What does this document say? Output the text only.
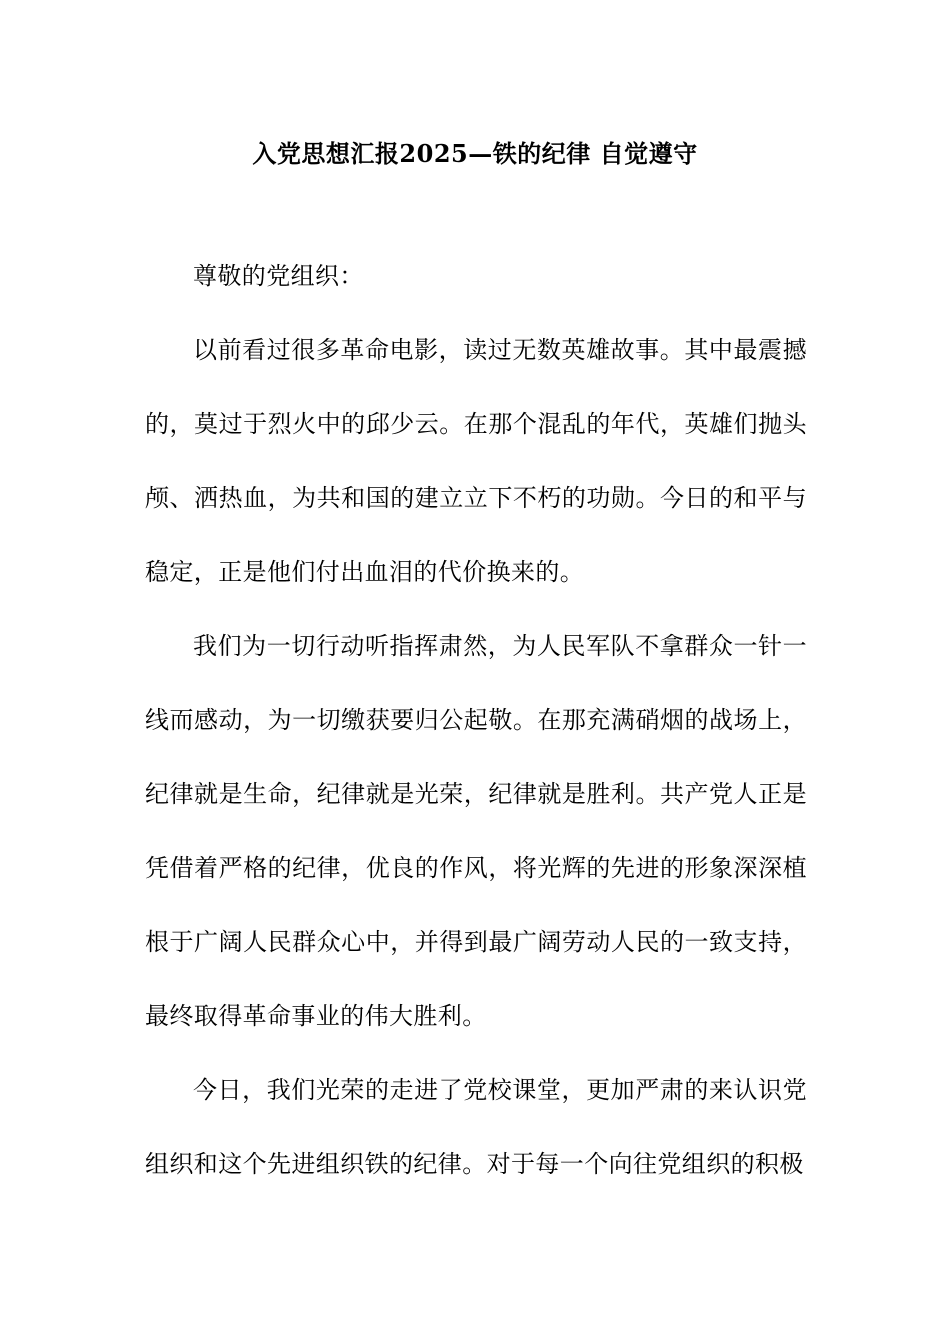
入党思想汇报2025—铁的纪律 自觉遵守

尊敬的党组织：

以前看过很多革命电影，读过无数英雄故事。其中最震撼的，莫过于烈火中的邱少云。在那个混乱的年代，英雄们抛头颅、洒热血，为共和国的建立立下不朽的功勋。今日的和平与稳定，正是他们付出血泪的代价换来的。

我们为一切行动听指挥肃然，为人民军队不拿群众一针一线而感动，为一切缴获要归公起敬。在那充满硝烟的战场上，纪律就是生命，纪律就是光荣，纪律就是胜利。共产党人正是凭借着严格的纪律，优良的作风，将光辉的先进的形象深深植根于广阔人民群众心中，并得到最广阔劳动人民的一致支持，最终取得革命事业的伟大胜利。

今日，我们光荣的走进了党校课堂，更加严肃的来认识党组织和这个先进组织铁的纪律。对于每一个向往党组织的积极
